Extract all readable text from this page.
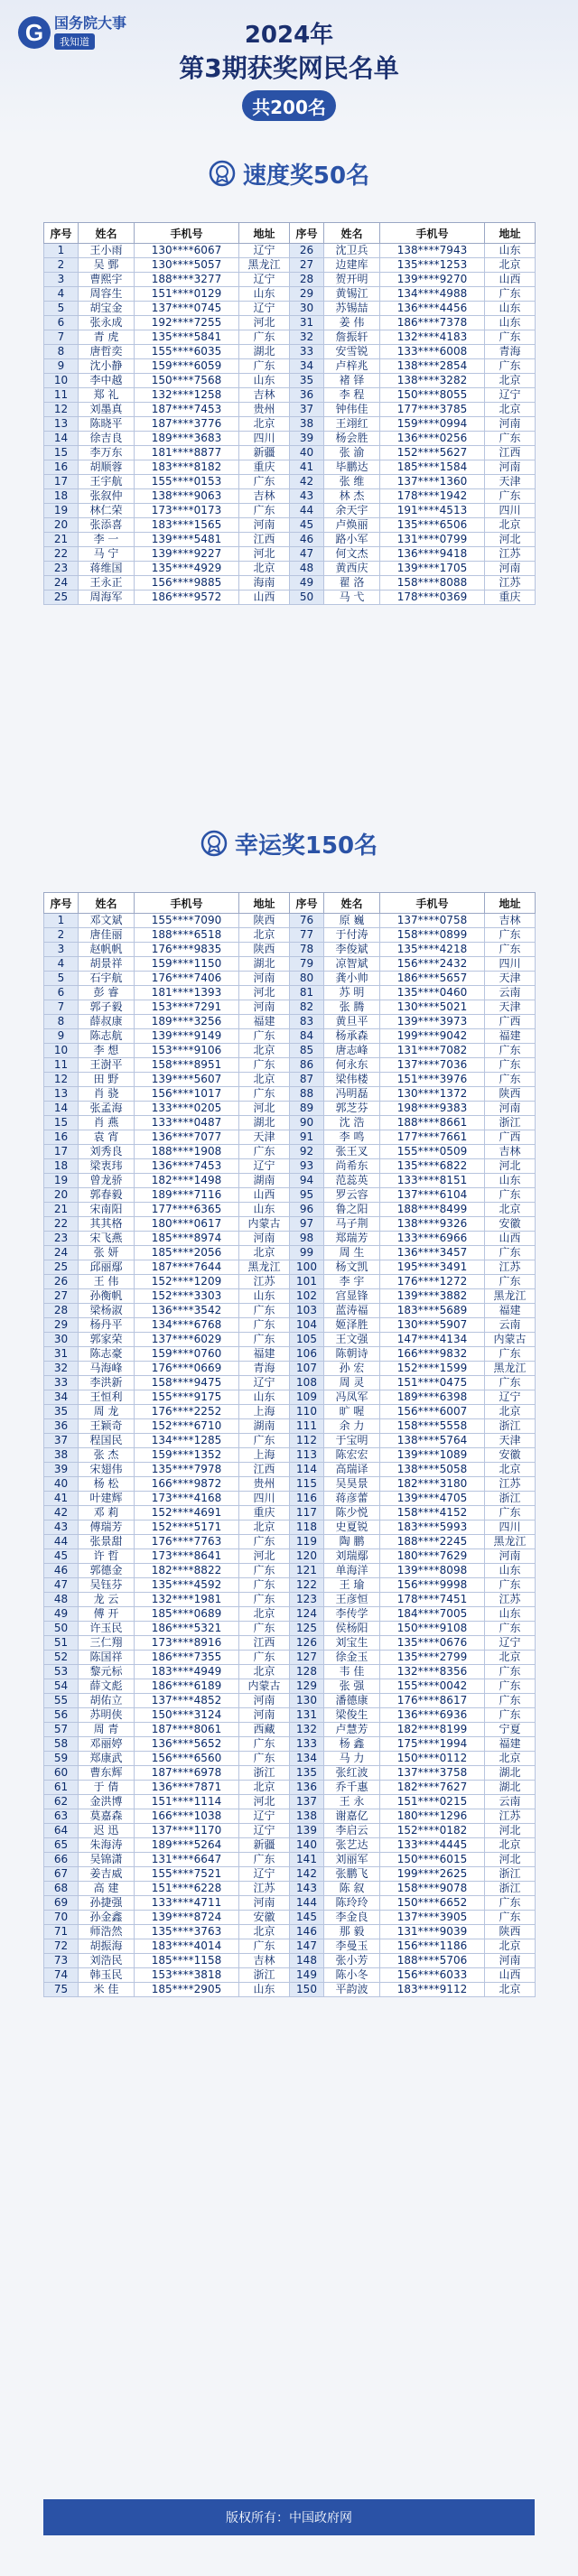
G 国务院大事
我知道	2024年
第3期获奖网民名单
共200名
速度奖50名
序号	姓名	手机号	地址	序号	姓名	手机号	地址
1	王小雨	130****6067	辽宁	26	沈卫兵	138****7943	山东
2	吴 鄄	130****5057	黑龙江	27	边建库	135****1253	北京
3	曹熙宇	188****3277	辽宁	28	贺开明	139****9270	山西
4	周容生	151****0129	山东	29	黄锡江	134****4988	广东
5	胡宝金	137****0745	辽宁	30	苏锡喆	136****4456	山东
6	张永成	192****7255	河北	31	姜 伟	186****7378	山东
7	青 虎	135****5841	广东	32	詹振轩	132****4183	广东
8	唐哲奕	155****6035	湖北	33	安雪锐	133****6008	青海
9	沈小静	159****6059	广东	34	卢梓兆	138****2854	广东
10	李中越	150****7568	山东	35	褚 铎	138****3282	北京
11	郑 礼	132****1258	吉林	36	李 程	150****8055	辽宁
12	刘墨真	187****7453	贵州	37	钟伟佳	177****3785	北京
13	陈晓平	187****3776	北京	38	王翊红	159****0994	河南
14	徐吉良	189****3683	四川	39	杨会胜	136****0256	广东
15	李万东	181****8877	新疆	40	张 渝	152****5627	江西
16	胡顺蓉	183****8182	重庆	41	毕鹏达	185****1584	河南
17	王宇航	155****0153	广东	42	张 维	137****1360	天津
18	张叙仲	138****9063	吉林	43	林 杰	178****1942	广东
19	林仁荣	173****0173	广东	44	余天宇	191****4513	四川
20	张添喜	183****1565	河南	45	卢焕丽	135****6506	北京
21	李 一	139****5481	江西	46	路小军	131****0799	河北
22	马 宁	139****9227	河北	47	何文杰	136****9418	江苏
23	蒋维国	135****4929	北京	48	黄西庆	139****1705	河南
24	王永正	156****9885	海南	49	翟 洛	158****8088	江苏
25	周海军	186****9572	山西	50	马 弋	178****0369	重庆
幸运奖150名
序号	姓名	手机号	地址	序号	姓名	手机号	地址
1	邓文斌	155****7090	陕西	76	原 巍	137****0758	吉林
2	唐佳丽	188****6518	北京	77	于付涛	158****0899	广东
3	赵帆帆	176****9835	陕西	78	李俊斌	135****4218	广东
4	胡景祥	159****1150	湖北	79	凉智斌	156****2432	四川
5	石宇航	176****7406	河南	80	龚小帅	186****5657	天津
6	彭 睿	181****1393	河北	81	苏 明	135****0460	云南
7	郭子毅	153****7291	河南	82	张 腾	130****5021	天津
8	薛叔康	189****3256	福建	83	黄旦平	139****3973	广西
9	陈志航	139****9149	广东	84	杨承森	199****9042	福建
10	李 想	153****9106	北京	85	唐志峰	131****7082	广东
11	王澍平	158****8951	广东	86	何永东	137****7036	广东
12	田 野	139****5607	北京	87	梁伟楼	151****3976	广东
13	肖 骁	156****1017	广东	88	冯明磊	130****1372	陕西
14	张孟海	133****0205	河北	89	郭芝芬	198****9383	河南
15	肖 燕	133****0487	湖北	90	沈 浩	188****8661	浙江
16	袁 宵	136****7077	天津	91	李 鸣	177****7661	广西
17	刘秀良	188****1908	广东	92	张王叉	155****0509	吉林
18	梁衷玮	136****7453	辽宁	93	尚希东	135****6822	河北
19	曾龙骄	182****1498	湖南	94	范蕊英	133****8151	山东
20	郭春毅	189****7116	山西	95	罗云容	137****6104	广东
21	宋南阳	177****6365	山东	96	鲁之阳	188****8499	北京
22	其其格	180****0617	内蒙古	97	马子荆	138****9326	安徽
23	宋飞燕	185****8974	河南	98	郑瑞芳	133****6966	山西
24	张 妍	185****2056	北京	99	周 生	136****3457	广东
25	邱丽鄢	187****7644	黑龙江	100	杨文凯	195****3491	江苏
26	王 伟	152****1209	江苏	101	李 宇	176****1272	广东
27	孙衡帆	152****3303	山东	102	宫显锋	139****3882	黑龙江
28	梁杨淑	136****3542	广东	103	蓝涛福	183****5689	福建
29	杨丹平	134****6768	广东	104	姬泽胜	130****5907	云南
30	郭家荣	137****6029	广东	105	王文强	147****4134	内蒙古
31	陈志豪	159****0760	福建	106	陈朝诗	166****9832	广东
32	马海峰	176****0669	青海	107	孙 宏	152****1599	黑龙江
33	李洪新	158****9475	辽宁	108	周 灵	151****0475	广东
34	王恒利	155****9175	山东	109	冯凤军	189****6398	辽宁
35	周 龙	176****2252	上海	110	旷 喔	156****6007	北京
36	王颖奇	152****6710	湖南	111	余 力	158****5558	浙江
37	程国民	134****1285	广东	112	于宝明	138****5764	天津
38	张 杰	159****1352	上海	113	陈宏宏	139****1089	安徽
39	宋翅伟	135****7978	江西	114	高瑞译	138****5058	北京
40	杨 松	166****9872	贵州	115	吴昊景	182****3180	江苏
41	叶建辉	173****4168	四川	116	蒋彦蕾	139****4705	浙江
42	邓 莉	152****4691	重庆	117	陈少悦	158****4152	广东
43	傅瑞芳	152****5171	北京	118	史夏锐	183****5993	四川
44	张景甜	176****7763	广东	119	陶 鹏	188****2245	黑龙江
45	许 哲	173****8641	河北	120	刘瑞鄢	180****7629	河南
46	郭德金	182****8822	广东	121	单海洋	139****8098	山东
47	吴钰芬	135****4592	广东	122	王 瑜	156****9998	广东
48	龙 云	132****1981	广东	123	王彦恒	178****7451	江苏
49	傅 开	185****0689	北京	124	李传学	184****7005	山东
50	许玉民	186****5321	广东	125	侯杨阳	150****9108	广东
51	三仁翔	173****8916	江西	126	刘宝生	135****0676	辽宁
52	陈国祥	186****7355	广东	127	徐金玉	135****2799	北京
53	黎元标	183****4949	北京	128	韦 佳	132****8356	广东
54	薛文彪	186****6189	内蒙古	129	张 强	155****0042	广东
55	胡佑立	137****4852	河南	130	潘德康	176****8617	广东
56	苏明侠	150****3124	河南	131	梁俊生	136****6936	广东
57	周 青	187****8061	西藏	132	卢慧芳	182****8199	宁夏
58	邓丽婷	136****5652	广东	133	杨 鑫	175****1994	福建
59	郑康武	156****6560	广东	134	马 力	150****0112	北京
60	曹东辉	187****6978	浙江	135	张红波	137****3758	湖北
61	于 倩	136****7871	北京	136	乔千惠	182****7627	湖北
62	金洪博	151****1114	河北	137	王 永	151****0215	云南
63	莫嘉森	166****1038	辽宁	138	谢嘉亿	180****1296	江苏
64	迟 迅	137****1170	辽宁	139	李启云	152****0182	河北
65	朱海涛	189****5264	新疆	140	张艺达	133****4445	北京
66	吴锦潇	131****6647	广东	141	刘丽军	150****6015	河北
67	姜吉威	155****7521	辽宁	142	张鹏飞	199****2625	浙江
68	高 建	151****6228	江苏	143	陈 叙	158****9078	浙江
69	孙捷强	133****4711	河南	144	陈玲玲	150****6652	广东
70	孙金鑫	139****8724	安徽	145	李金良	137****3905	广东
71	师浩然	135****3763	北京	146	那 毅	131****9039	陕西
72	胡振海	183****4014	广东	147	李曼玉	156****1186	北京
73	刘浩民	185****1158	吉林	148	张小芳	188****5706	河南
74	韩玉民	153****3818	浙江	149	陈小冬	156****6033	山西
75	米 佳	185****2905	山东	150	平韵波	183****9112	北京
版权所有：中国政府网
